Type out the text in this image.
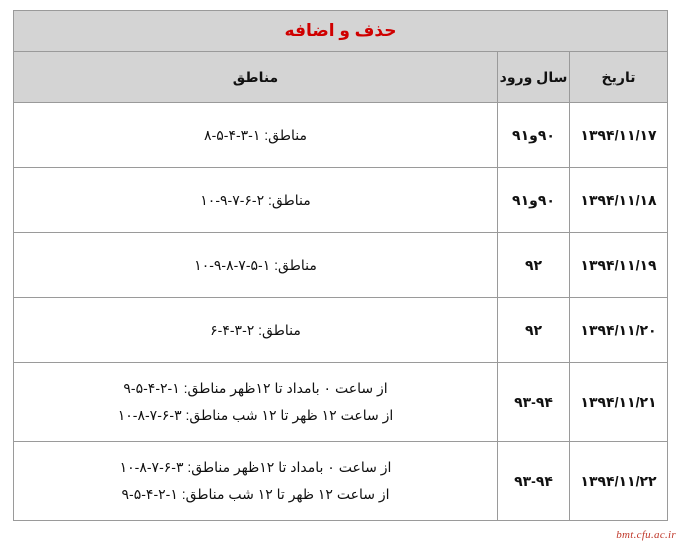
حذف و اضافه		
تاریخ	سال ورود	مناطق
۱۳۹۴/۱۱/۱۷	۹۰و۹۱	مناطق: ۱-۳-۴-۵-۸

۱۳۹۴/۱۱/۱۸	۹۰و۹۱	مناطق: ۲-۶-۷-۹-۱۰

۱۳۹۴/۱۱/۱۹	۹۲	مناطق: ۱-۵-۷-۸-۹-۱۰

۱۳۹۴/۱۱/۲۰	۹۲	مناطق: ۲-۳-۴-۶

۱۳۹۴/۱۱/۲۱	۹۳-۹۴	از ساعت ۰ بامداد تا ۱۲ظهر مناطق: ۱-۲-۴-۵-۹
از ساعت ۱۲ ظهر تا ۱۲ شب مناطق: ۳-۶-۷-۸-۱۰

۱۳۹۴/۱۱/۲۲	۹۳-۹۴	از ساعت ۰ بامداد تا ۱۲ظهر مناطق: ۳-۶-۷-۸-۱۰
از ساعت ۱۲ ظهر تا ۱۲ شب مناطق: ۱-۲-۴-۵-۹
bmt.cfu.ac.ir
